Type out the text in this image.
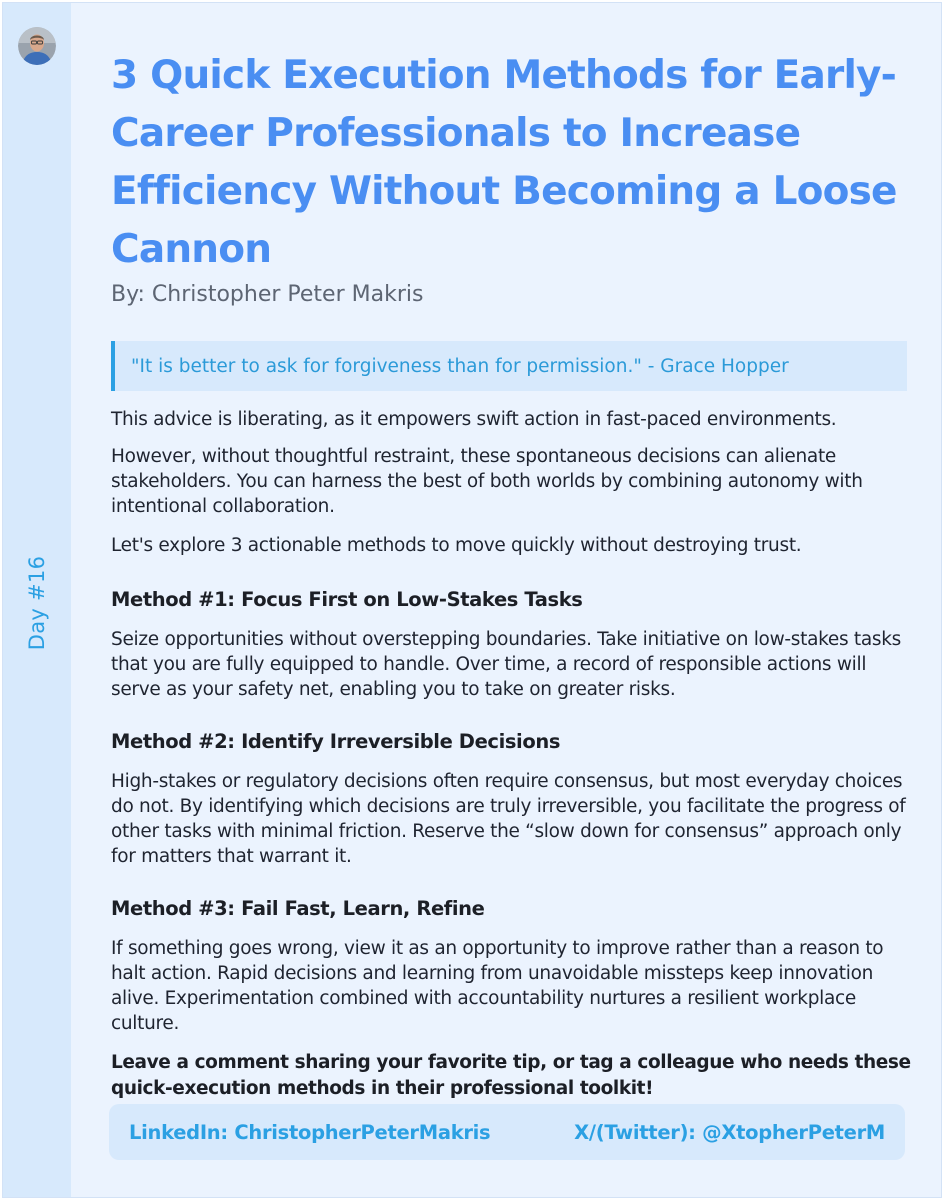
Day #16
3 Quick Execution Methods for Early-Career Professionals to Increase Efficiency Without Becoming a Loose Cannon

By: Christopher Peter Makris

"It is better to ask for forgiveness than for permission." - Grace Hopper

This advice is liberating, as it empowers swift action in fast-paced environments.

However, without thoughtful restraint, these spontaneous decisions can alienate stakeholders. You can harness the best of both worlds by combining autonomy with intentional collaboration.

Let's explore 3 actionable methods to move quickly without destroying trust.

Method #1: Focus First on Low-Stakes Tasks

Seize opportunities without overstepping boundaries. Take initiative on low-stakes tasks that you are fully equipped to handle. Over time, a record of responsible actions will serve as your safety net, enabling you to take on greater risks.

Method #2: Identify Irreversible Decisions

High-stakes or regulatory decisions often require consensus, but most everyday choices do not. By identifying which decisions are truly irreversible, you facilitate the progress of other tasks with minimal friction. Reserve the “slow down for consensus” approach only for matters that warrant it.

Method #3: Fail Fast, Learn, Refine

If something goes wrong, view it as an opportunity to improve rather than a reason to halt action. Rapid decisions and learning from unavoidable missteps keep innovation alive. Experimentation combined with accountability nurtures a resilient workplace culture.

Leave a comment sharing your favorite tip, or tag a colleague who needs these quick-execution methods in their professional toolkit!

LinkedIn: ChristopherPeterMakris	X/(Twitter): @XtopherPeterM
